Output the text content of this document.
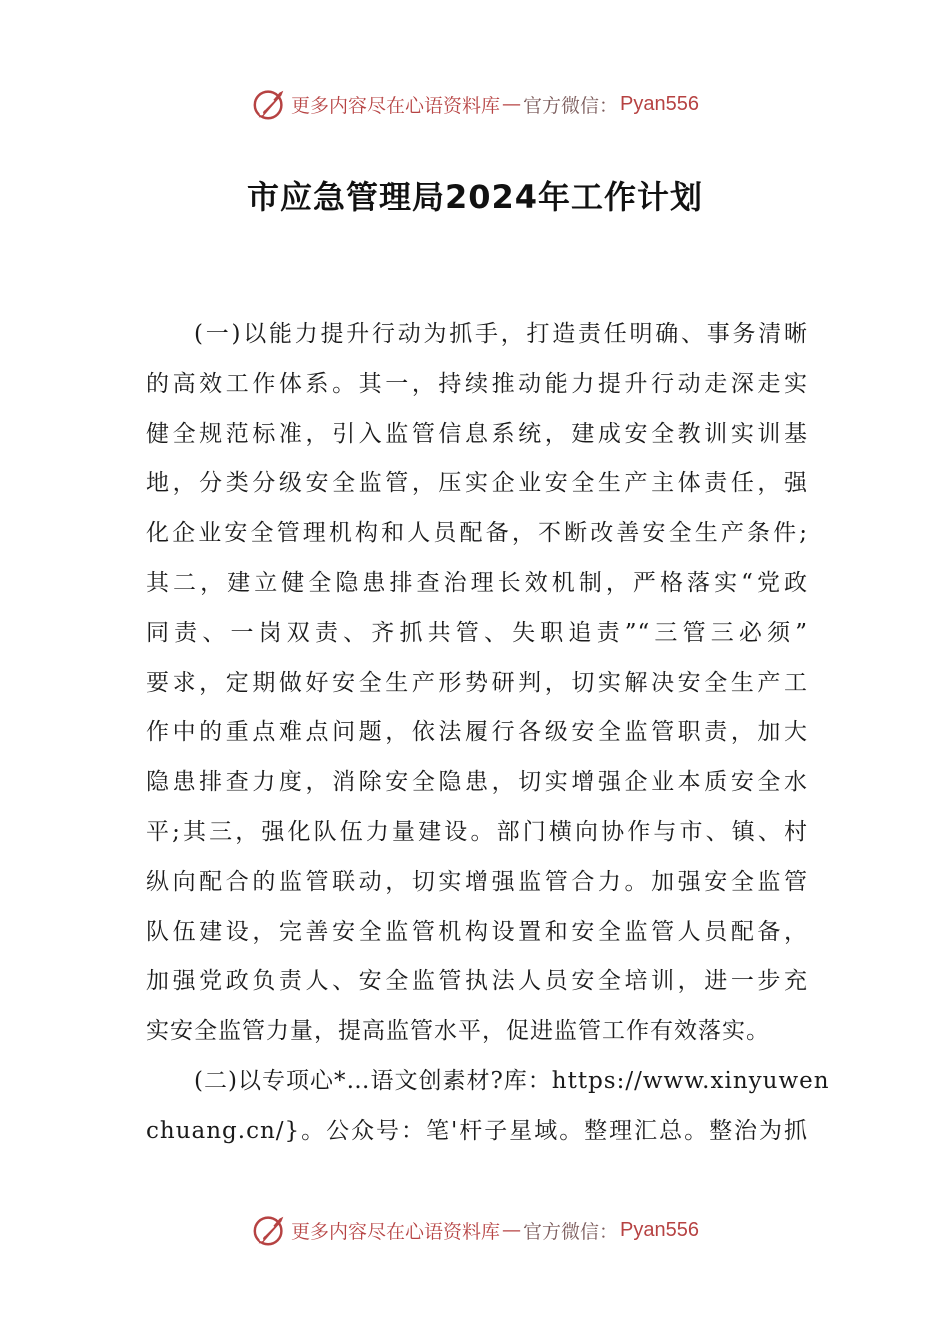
更多内容尽在心语资料库 — 官方微信： Pyan556
市应急管理局2024年工作计划
(一)以能力提升行动为抓手，打造责任明确、事务清晰
的高效工作体系。其一，持续推动能力提升行动走深走实
健全规范标准，引入监管信息系统，建成安全教训实训基
地，分类分级安全监管，压实企业安全生产主体责任，强
化企业安全管理机构和人员配备，不断改善安全生产条件;
其二，建立健全隐患排查治理长效机制，严格落实“党政
同责、一岗双责、齐抓共管、失职追责”“三管三必须”
要求，定期做好安全生产形势研判，切实解决安全生产工
作中的重点难点问题，依法履行各级安全监管职责，加大
隐患排查力度，消除安全隐患，切实增强企业本质安全水
平;其三，强化队伍力量建设。部门横向协作与市、镇、村
纵向配合的监管联动，切实增强监管合力。加强安全监管
队伍建设，完善安全监管机构设置和安全监管人员配备，
加强党政负责人、安全监管执法人员安全培训，进一步充
实安全监管力量，提高监管水平，促进监管工作有效落实。
(二)以专项心*…语文创素材?库：https://www.xinyuwen
chuang.cn/}。公众号：笔'杆子星域。整理汇总。整治为抓
更多内容尽在心语资料库 — 官方微信： Pyan556
